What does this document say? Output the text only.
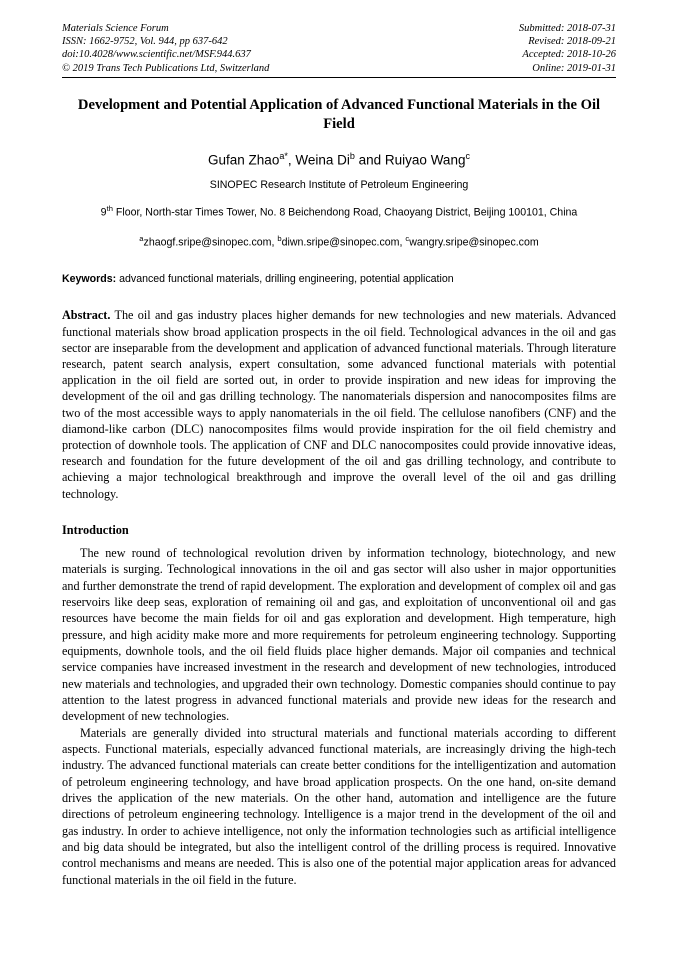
Materials Science Forum
ISSN: 1662-9752, Vol. 944, pp 637-642
doi:10.4028/www.scientific.net/MSF.944.637
© 2019 Trans Tech Publications Ltd, Switzerland
Submitted: 2018-07-31
Revised: 2018-09-21
Accepted: 2018-10-26
Online: 2019-01-31
Development and Potential Application of Advanced Functional Materials in the Oil Field
Gufan Zhao$^{a*}$, Weina Di$^b$ and Ruiyao Wang$^c$
SINOPEC Research Institute of Petroleum Engineering
9th Floor, North-star Times Tower, No. 8 Beichendong Road, Chaoyang District, Beijing 100101, China
$^a$zhaogf.sripe@sinopec.com, $^b$diwn.sripe@sinopec.com, $^c$wangry.sripe@sinopec.com
Keywords: advanced functional materials, drilling engineering, potential application
Abstract. The oil and gas industry places higher demands for new technologies and new materials. Advanced functional materials show broad application prospects in the oil field. Technological advances in the oil and gas sector are inseparable from the development and application of advanced functional materials. Through literature research, patent search analysis, expert consultation, some advanced functional materials with potential application in the oil field are sorted out, in order to provide inspiration and new ideas for improving the development of the oil and gas drilling technology. The nanomaterials dispersion and nanocomposites films are two of the most accessible ways to apply nanomaterials in the oil field. The cellulose nanofibers (CNF) and the diamond-like carbon (DLC) nanocomposites films would provide inspiration for the oil field chemistry and protection of downhole tools. The application of CNF and DLC nanocomposites could provide innovative ideas, research and foundation for the future development of the oil and gas drilling technology, and contribute to achieving a major technological breakthrough and improve the overall level of the oil and gas drilling technology.
Introduction

The new round of technological revolution driven by information technology, biotechnology, and new materials is surging. Technological innovations in the oil and gas sector will also usher in major opportunities and further demonstrate the trend of rapid development. The exploration and development of complex oil and gas reservoirs like deep seas, exploration of remaining oil and gas, and exploitation of unconventional oil and gas resources have become the main fields for oil and gas exploration and development. High temperature, high pressure, and high acidity make more and more requirements for petroleum engineering technology. Supporting equipments, downhole tools, and the oil field fluids place higher demands. Major oil companies and technical service companies have increased investment in the research and development of new technologies, introduced new materials and technologies, and upgraded their own technology. Domestic companies should continue to pay attention to the latest progress in advanced functional materials and provide new ideas for the research and development of new technologies.

Materials are generally divided into structural materials and functional materials according to different aspects. Functional materials, especially advanced functional materials, are increasingly driving the high-tech industry. The advanced functional materials can create better conditions for the intelligentization and automation of petroleum engineering technology, and have broad application prospects. On the one hand, on-site demand drives the application of the new materials. On the other hand, automation and intelligence are the future directions of petroleum engineering technology. Intelligence is a major trend in the development of the oil and gas industry. In order to achieve intelligence, not only the information technologies such as artificial intelligence and big data should be integrated, but also the intelligent control of the drilling process is required. Innovative control mechanisms and means are needed. This is also one of the potential major application areas for advanced functional materials in the oil field in the future.
